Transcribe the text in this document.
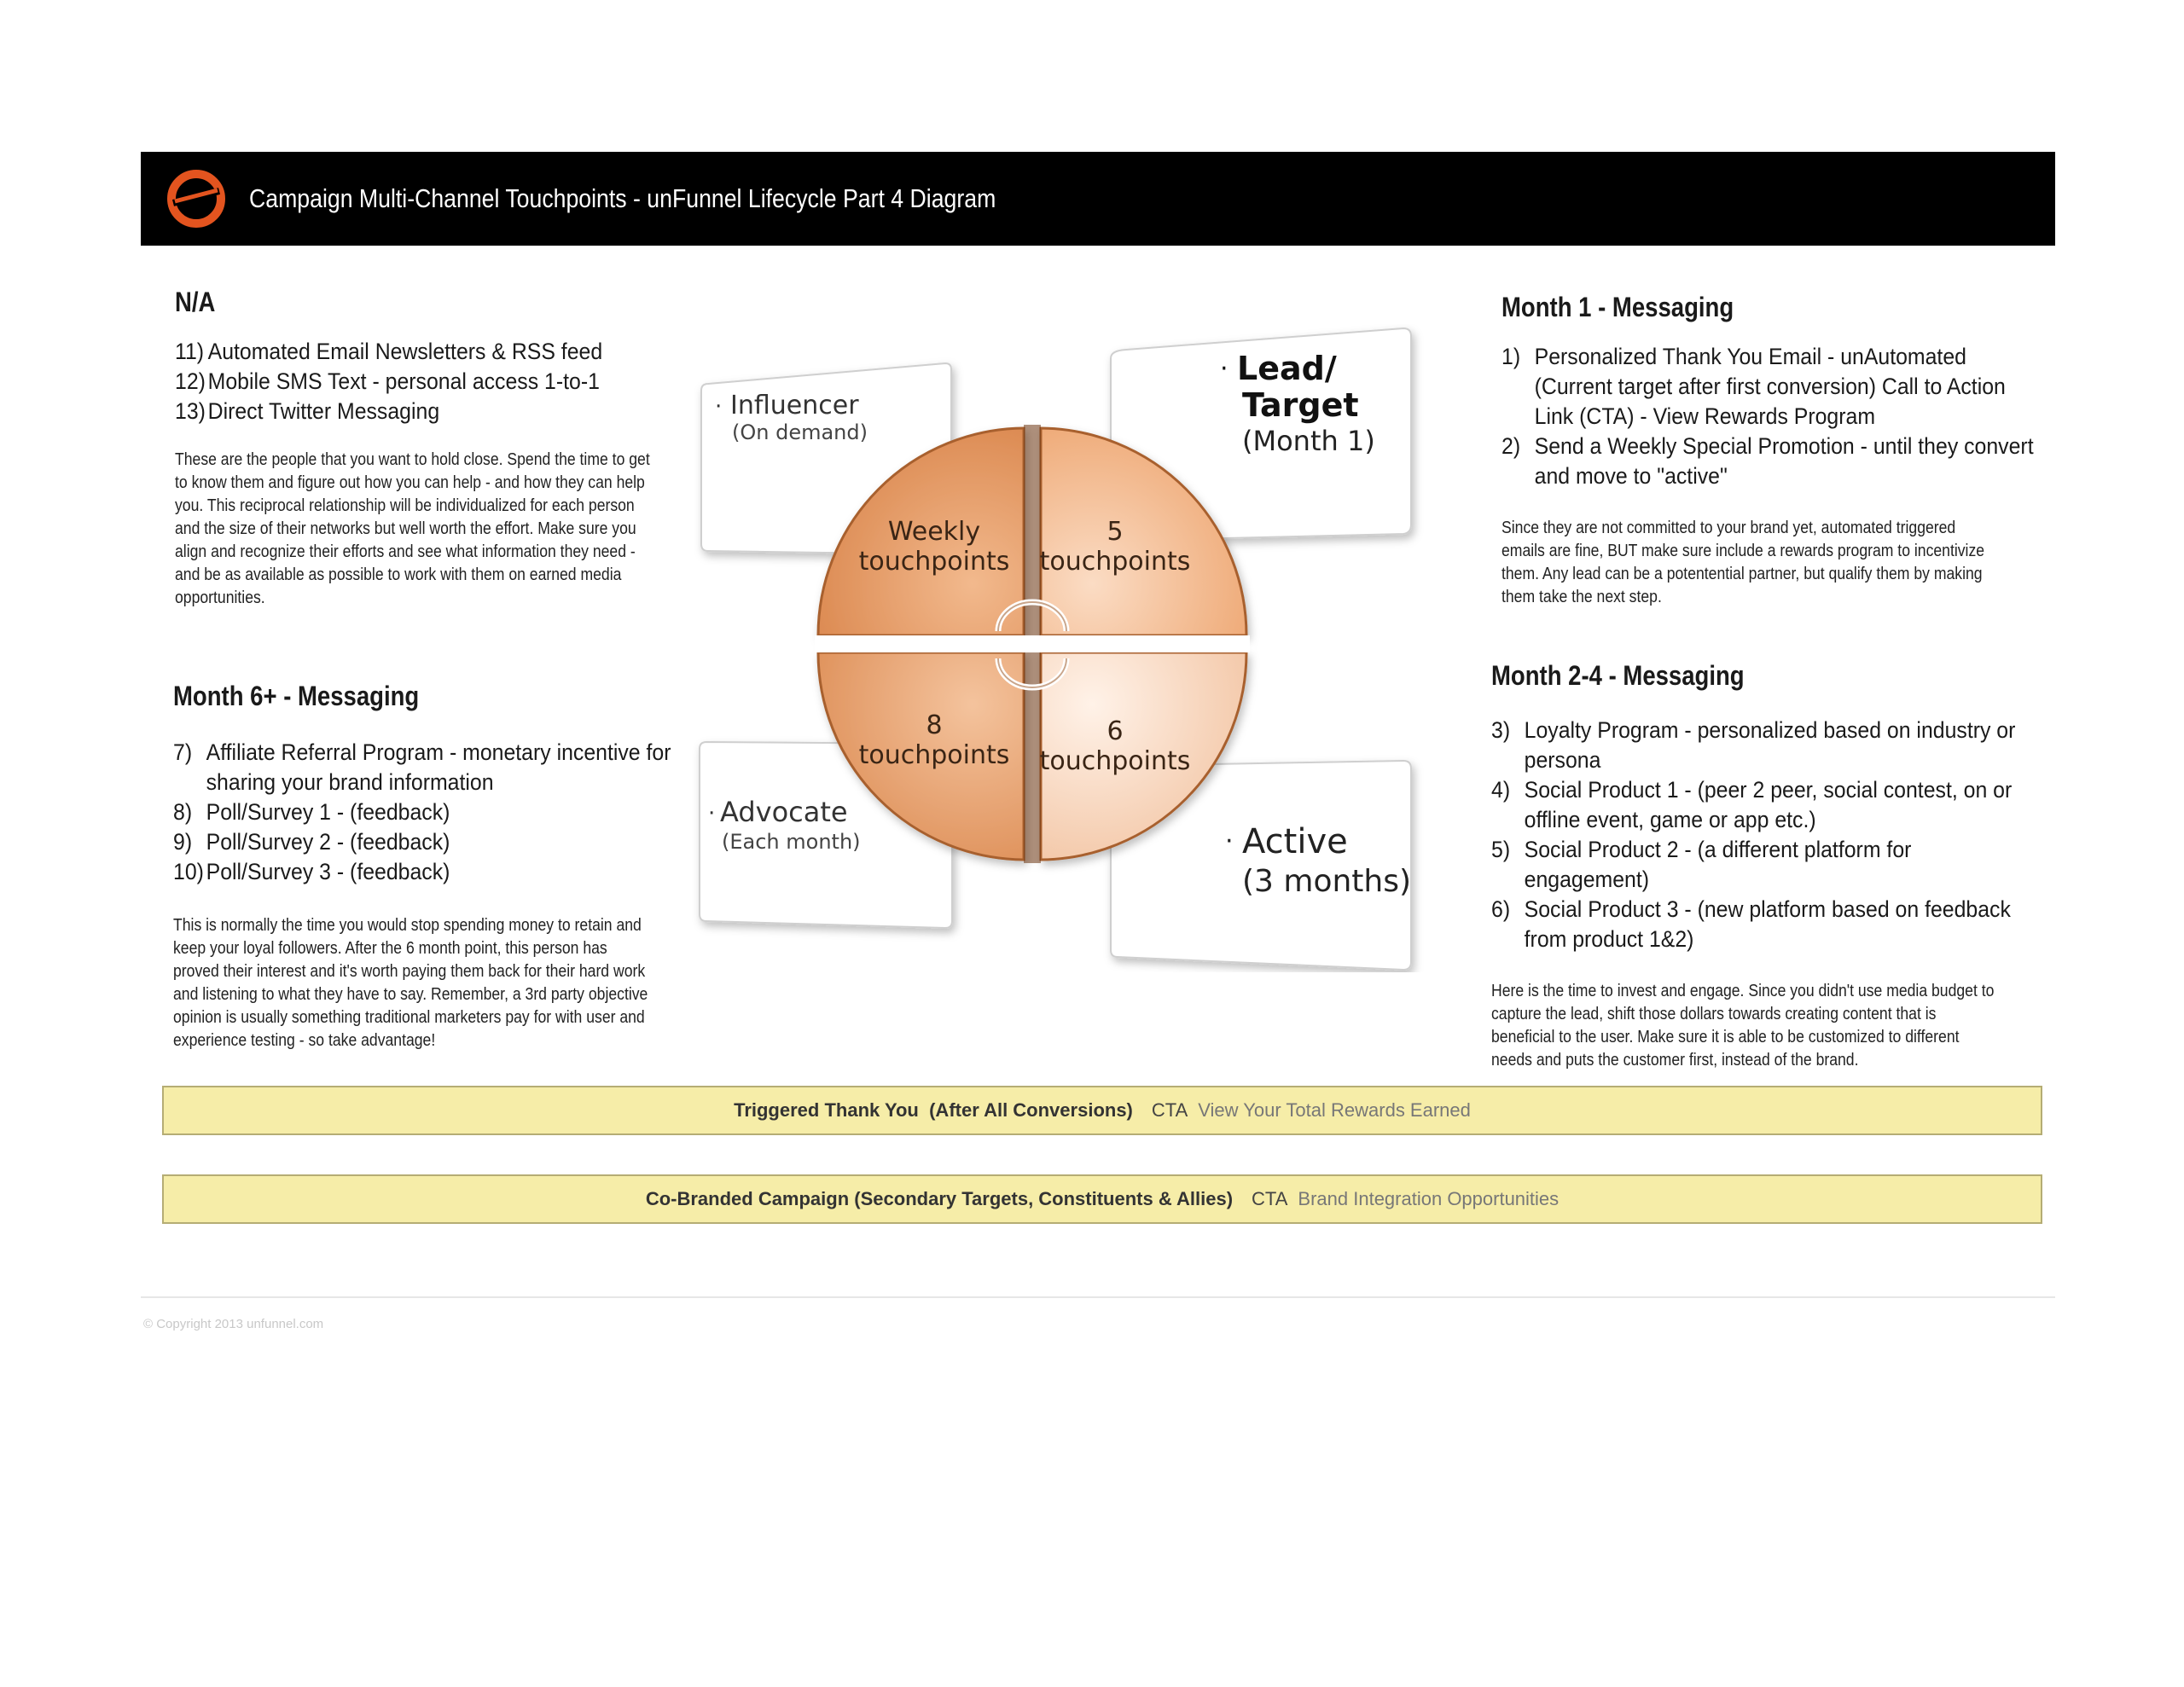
Campaign Multi-Channel Touchpoints - unFunnel Lifecycle Part 4 Diagram
N/A
11) Automated Email Newsletters & RSS feed
12) Mobile SMS Text - personal access 1-to-1
13) Direct Twitter Messaging
These are the people that you want to hold close. Spend the time to get to know them and figure out how you can help - and how they can help you. This reciprocal relationship will be individualized for each person and the size of their networks but well worth the effort. Make sure you align and recognize their efforts and see what information they need - and be as available as possible to work with them on earned media opportunities.
Month 6+ - Messaging
7) Affiliate Referral Program - monetary incentive for sharing your brand information
8) Poll/Survey 1 - (feedback)
9) Poll/Survey 2 - (feedback)
10) Poll/Survey 3 - (feedback)
This is normally the time you would stop spending money to retain and keep your loyal followers. After the 6 month point, this person has proved their interest and it's worth paying them back for their hard work and listening to what they have to say. Remember, a 3rd party objective opinion is usually something traditional marketers pay for with user and experience testing - so take advantage!
· Influencer
(On demand)
· Lead/
Target
(Month 1)
· Advocate
(Each month)	· Active
(3 months)
Weekly
touchpoints
5
touchpoints
8
touchpoints
6
touchpoints
Month 1 - Messaging
1) Personalized Thank You Email - unAutomated (Current target after first conversion) Call to Action Link (CTA) - View Rewards Program
2) Send a Weekly Special Promotion - until they convert and move to "active"
Since they are not committed to your brand yet, automated triggered emails are fine, BUT make sure include a rewards program to incentivize them. Any lead can be a potentential partner, but qualify them by making them take the next step.
Month 2-4 - Messaging
3) Loyalty Program - personalized based on industry or persona
4) Social Product 1 - (peer 2 peer, social contest, on or offline event, game or app etc.)
5) Social Product 2 - (a different platform for engagement)
6) Social Product 3 - (new platform based on feedback from product 1&2)
Here is the time to invest and engage. Since you didn't use media budget to capture the lead, shift those dollars towards creating content that is beneficial to the user. Make sure it is able to be customized to different needs and puts the customer first, instead of the brand.
Triggered Thank You
(After All Conversions) CTA View Your Total Rewards Earned
Co-Branded Campaign
(Secondary Targets, Constituents & Allies) CTA Brand Integration Opportunities
© Copyright 2013 unfunnel.com
